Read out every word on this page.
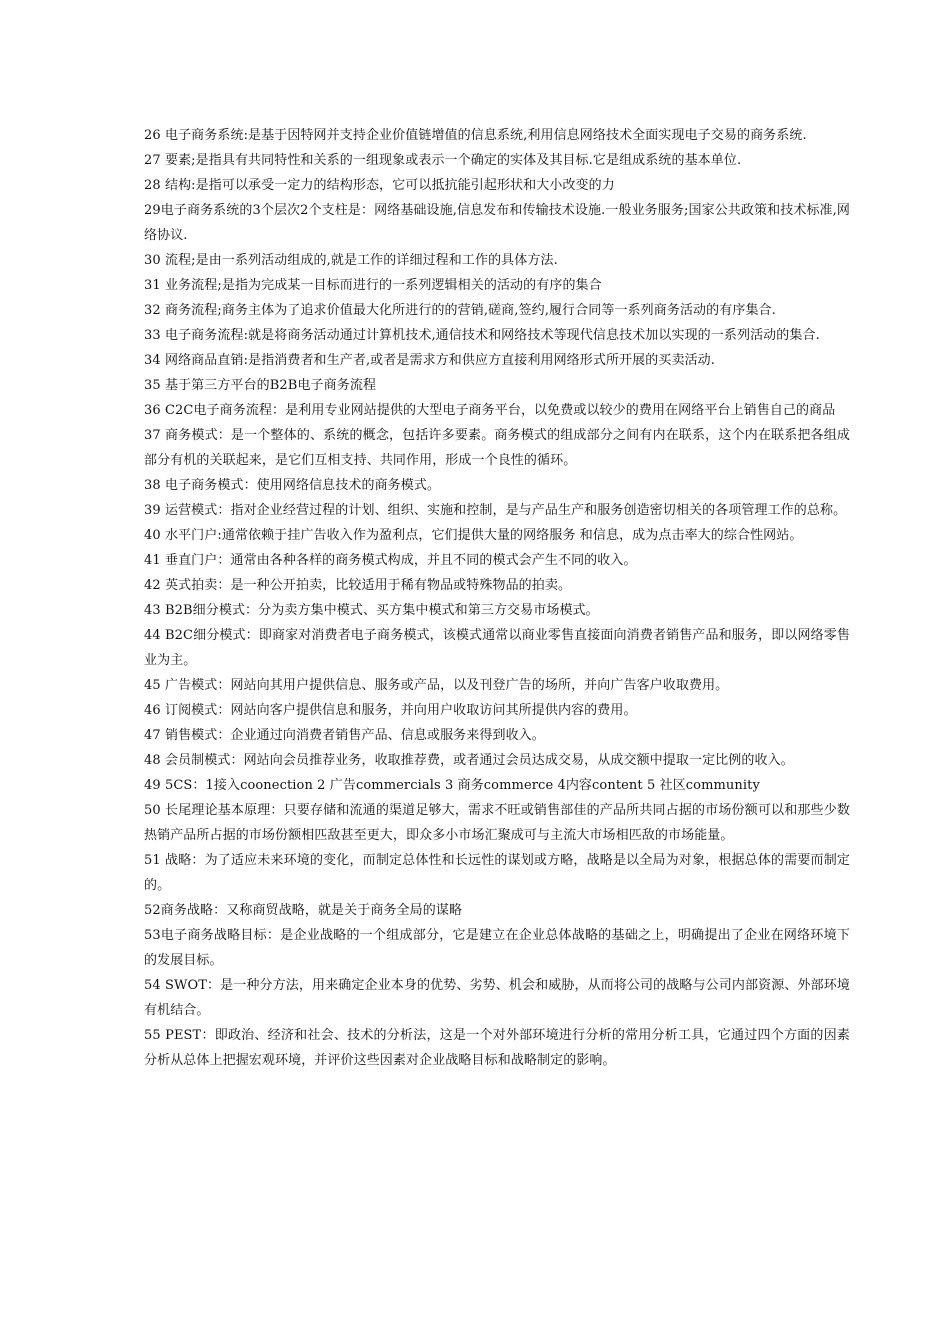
26 电子商务系统:是基于因特网并支持企业价值链增值的信息系统,利用信息网络技术全面实现电子交易的商务系统.

27 要素;是指具有共同特性和关系的一组现象或表示一个确定的实体及其目标.它是组成系统的基本单位.

28 结构:是指可以承受一定力的结构形态，它可以抵抗能引起形状和大小改变的力

29电子商务系统的3个层次2个支柱是：网络基础设施,信息发布和传输技术设施.一般业务服务;国家公共政策和技术标准,网络协议.

30 流程;是由一系列活动组成的,就是工作的详细过程和工作的具体方法.

31 业务流程;是指为完成某一目标而进行的一系列逻辑相关的活动的有序的集合

32 商务流程;商务主体为了追求价值最大化所进行的的营销,磋商,签约,履行合同等一系列商务活动的有序集合.

33 电子商务流程:就是将商务活动通过计算机技术,通信技术和网络技术等现代信息技术加以实现的一系列活动的集合.

34 网络商品直销:是指消费者和生产者,或者是需求方和供应方直接利用网络形式所开展的买卖活动.

35 基于第三方平台的B2B电子商务流程

36 C2C电子商务流程：是利用专业网站提供的大型电子商务平台，以免费或以较少的费用在网络平台上销售自己的商品

37 商务模式：是一个整体的、系统的概念，包括许多要素。商务模式的组成部分之间有内在联系，这个内在联系把各组成部分有机的关联起来，是它们互相支持、共同作用，形成一个良性的循环。

38 电子商务模式：使用网络信息技术的商务模式。

39 运营模式：指对企业经营过程的计划、组织、实施和控制，是与产品生产和服务创造密切相关的各项管理工作的总称。

40 水平门户:通常依赖于挂广告收入作为盈利点，它们提供大量的网络服务 和信息，成为点击率大的综合性网站。

41 垂直门户：通常由各种各样的商务模式构成，并且不同的模式会产生不同的收入。

42 英式拍卖：是一种公开拍卖，比较适用于稀有物品或特殊物品的拍卖。

43 B2B细分模式：分为卖方集中模式、买方集中模式和第三方交易市场模式。

44 B2C细分模式：即商家对消费者电子商务模式，该模式通常以商业零售直接面向消费者销售产品和服务，即以网络零售业为主。

45 广告模式：网站向其用户提供信息、服务或产品，以及刊登广告的场所，并向广告客户收取费用。

46 订阅模式：网站向客户提供信息和服务，并向用户收取访问其所提供内容的费用。

47 销售模式：企业通过向消费者销售产品、信息或服务来得到收入。

48 会员制模式：网站向会员推荐业务，收取推荐费，或者通过会员达成交易，从成交额中提取一定比例的收入。

49 5CS：1接入coonection 2 广告commercials 3 商务commerce 4内容content 5 社区community

50 长尾理论基本原理：只要存储和流通的渠道足够大，需求不旺或销售部佳的产品所共同占据的市场份额可以和那些少数热销产品所占据的市场份额相匹敌甚至更大，即众多小市场汇聚成可与主流大市场相匹敌的市场能量。

51 战略：为了适应未来环境的变化，而制定总体性和长远性的谋划或方略，战略是以全局为对象，根据总体的需要而制定的。

52商务战略：又称商贸战略，就是关于商务全局的谋略

53电子商务战略目标：是企业战略的一个组成部分，它是建立在企业总体战略的基础之上，明确提出了企业在网络环境下的发展目标。

54 SWOT：是一种分方法，用来确定企业本身的优势、劣势、机会和威胁，从而将公司的战略与公司内部资源、外部环境有机结合。

55 PEST：即政治、经济和社会、技术的分析法，这是一个对外部环境进行分析的常用分析工具，它通过四个方面的因素分析从总体上把握宏观环境，并评价这些因素对企业战略目标和战略制定的影响。
